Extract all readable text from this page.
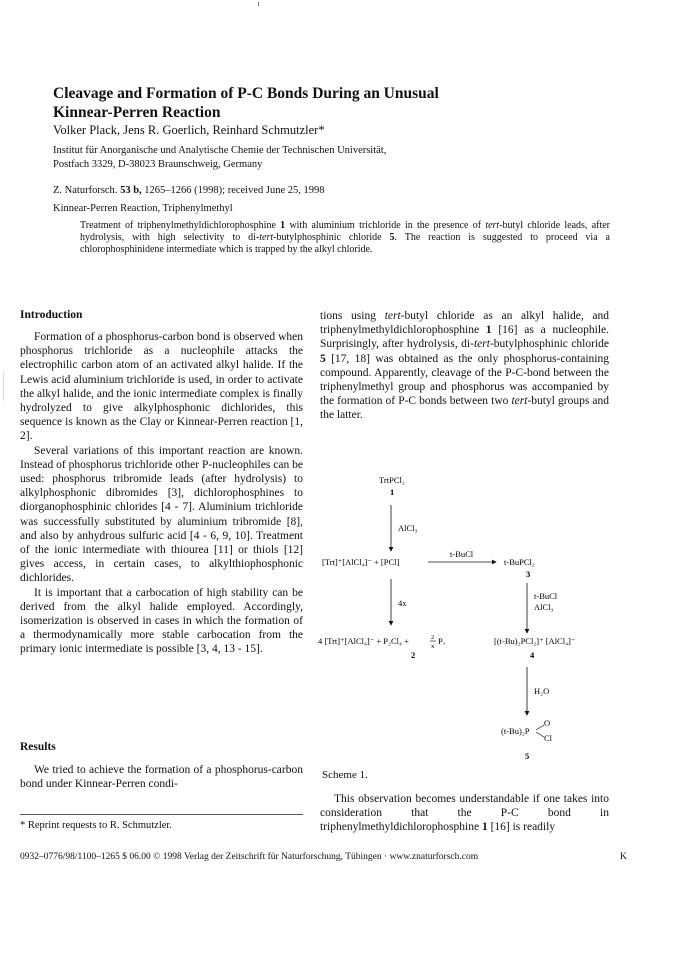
Cleavage and Formation of P-C Bonds During an Unusual
Kinnear-Perren Reaction
Volker Plack, Jens R. Goerlich, Reinhard Schmutzler*
Institut für Anorganische und Analytische Chemie der Technischen Universität,
Postfach 3329, D-38023 Braunschweig, Germany
Z. Naturforsch. 53 b, 1265–1266 (1998); received June 25, 1998
Kinnear-Perren Reaction, Triphenylmethyl
Treatment of triphenylmethyldichlorophosphine 1 with aluminium trichloride in the presence of tert-butyl chloride leads, after hydrolysis, with high selectivity to di-tert-butylphosphinic chloride 5. The reaction is suggested to proceed via a chlorophosphinidene intermediate which is trapped by the alkyl chloride.
Introduction

Formation of a phosphorus-carbon bond is observed when phosphorus trichloride as a nucleophile attacks the electrophilic carbon atom of an activated alkyl halide. If the Lewis acid aluminium trichloride is used, in order to activate the alkyl halide, and the ionic intermediate complex is finally hydrolyzed to give alkylphosphonic dichlorides, this sequence is known as the Clay or Kinnear-Perren reaction [1, 2].

Several variations of this important reaction are known. Instead of phosphorus trichloride other P-nucleophiles can be used: phosphorus tribromide leads (after hydrolysis) to alkylphosphonic dibromides [3], dichlorophosphines to diorganophosphinic chlorides [4 - 7]. Aluminium trichloride was successfully substituted by aluminium tribromide [8], and also by anhydrous sulfuric acid [4 - 6, 9, 10]. Treatment of the ionic intermediate with thiourea [11] or thiols [12] gives access, in certain cases, to alkylthiophosphonic dichlorides.

It is important that a carbocation of high stability can be derived from the alkyl halide employed. Accordingly, isomerization is observed in cases in which the formation of a thermodynamically more stable carbocation from the primary ionic intermediate is possible [3, 4, 13 - 15].

Results

We tried to achieve the formation of a phosphorus-carbon bond under Kinnear-Perren condi-

tions using tert-butyl chloride as an alkyl halide, and triphenylmethyldichlorophosphine 1 [16] as a nucleophile. Surprisingly, after hydrolysis, di-tert-butylphosphinic chloride 5 [17, 18] was obtained as the only phosphorus-containing compound. Apparently, cleavage of the P-C-bond between the triphenylmethyl group and phosphorus was accompanied by the formation of P-C bonds between two tert-butyl groups and the latter.

TrtPCl₂
1
AlCl₃
[Trt]⁺[AlCl₄]⁻ + [PCl]
t-BuCl
t-BuPCl₂
3
4x
t-BuCl
AlCl₃
4 [Trt]⁺[AlCl₄]⁻ + P₂Cl₄ +	2
x
Pₓ
2
[(t-Bu)₂PCl₂]⁺ [AlCl₄]⁻
4
H₂O
(t-Bu)₂P
O
Cl
5
Scheme 1.

This observation becomes understandable if one takes into consideration that the P-C bond in triphenylmethyldichlorophosphine 1 [16] is readily

* Reprint requests to R. Schmutzler.
0932–0776/98/1100–1265 $ 06.00 © 1998 Verlag der Zeitschrift für Naturforschung, Tübingen · www.znaturforsch.com	K
